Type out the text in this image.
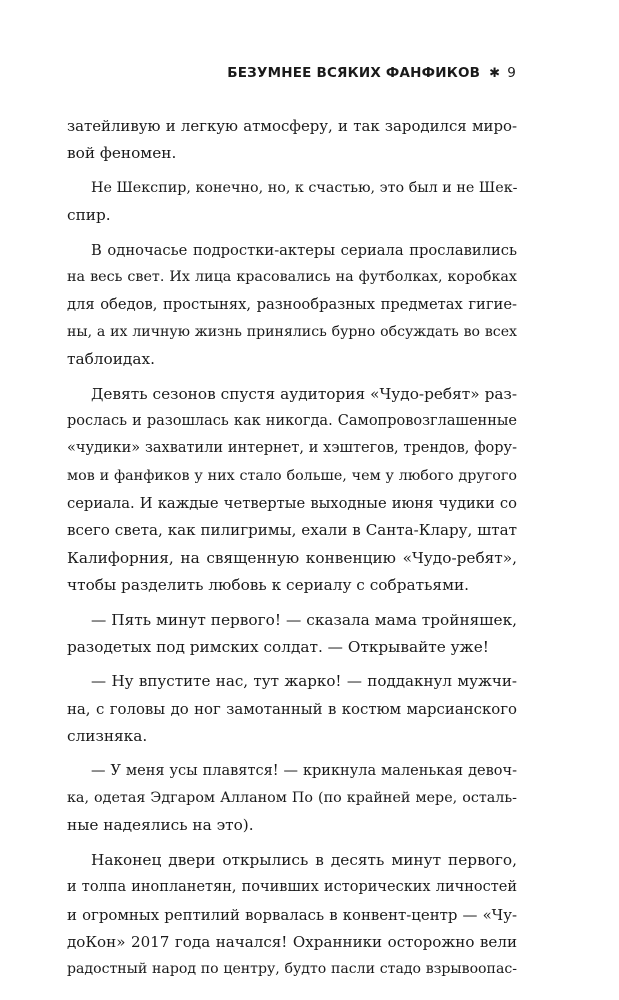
БЕЗУМНЕЕ ВСЯКИХ ФАНФИКОВ ✱ 9
затейливую и легкую атмосферу, и так зародился миро-
вой феномен.
Не Шекспир, конечно, но, к счастью, это был и не Шек-
спир.
В одночасье подростки-актеры сериала прославились
на весь свет. Их лица красовались на футболках, коробках
для обедов, простынях, разнообразных предметах гигие-
ны, а их личную жизнь принялись бурно обсуждать во всех
таблоидах.
Девять сезонов спустя аудитория «Чудо-ребят» раз-
рослась и разошлась как никогда. Самопровозглашенные
«чудики» захватили интернет, и хэштегов, трендов, фору-
мов и фанфиков у них стало больше, чем у любого другого
сериала. И каждые четвертые выходные июня чудики со
всего света, как пилигримы, ехали в Санта-Клару, штат
Калифорния, на священную конвенцию «Чудо-ребят»,
чтобы разделить любовь к сериалу с собратьями.
— Пять минут первого! — сказала мама тройняшек,
разодетых под римских солдат. — Открывайте уже!
— Ну впустите нас, тут жарко! — поддакнул мужчи-
на, с головы до ног замотанный в костюм марсианского
слизняка.
— У меня усы плавятся! — крикнула маленькая девоч-
ка, одетая Эдгаром Алланом По (по крайней мере, осталь-
ные надеялись на это).
Наконец двери открылись в десять минут первого,
и толпа инопланетян, почивших исторических личностей
и огромных рептилий ворвалась в конвент-центр — «Чу-
доКон» 2017 года начался! Охранники осторожно вели
радостный народ по центру, будто пасли стадо взрывоопас-
